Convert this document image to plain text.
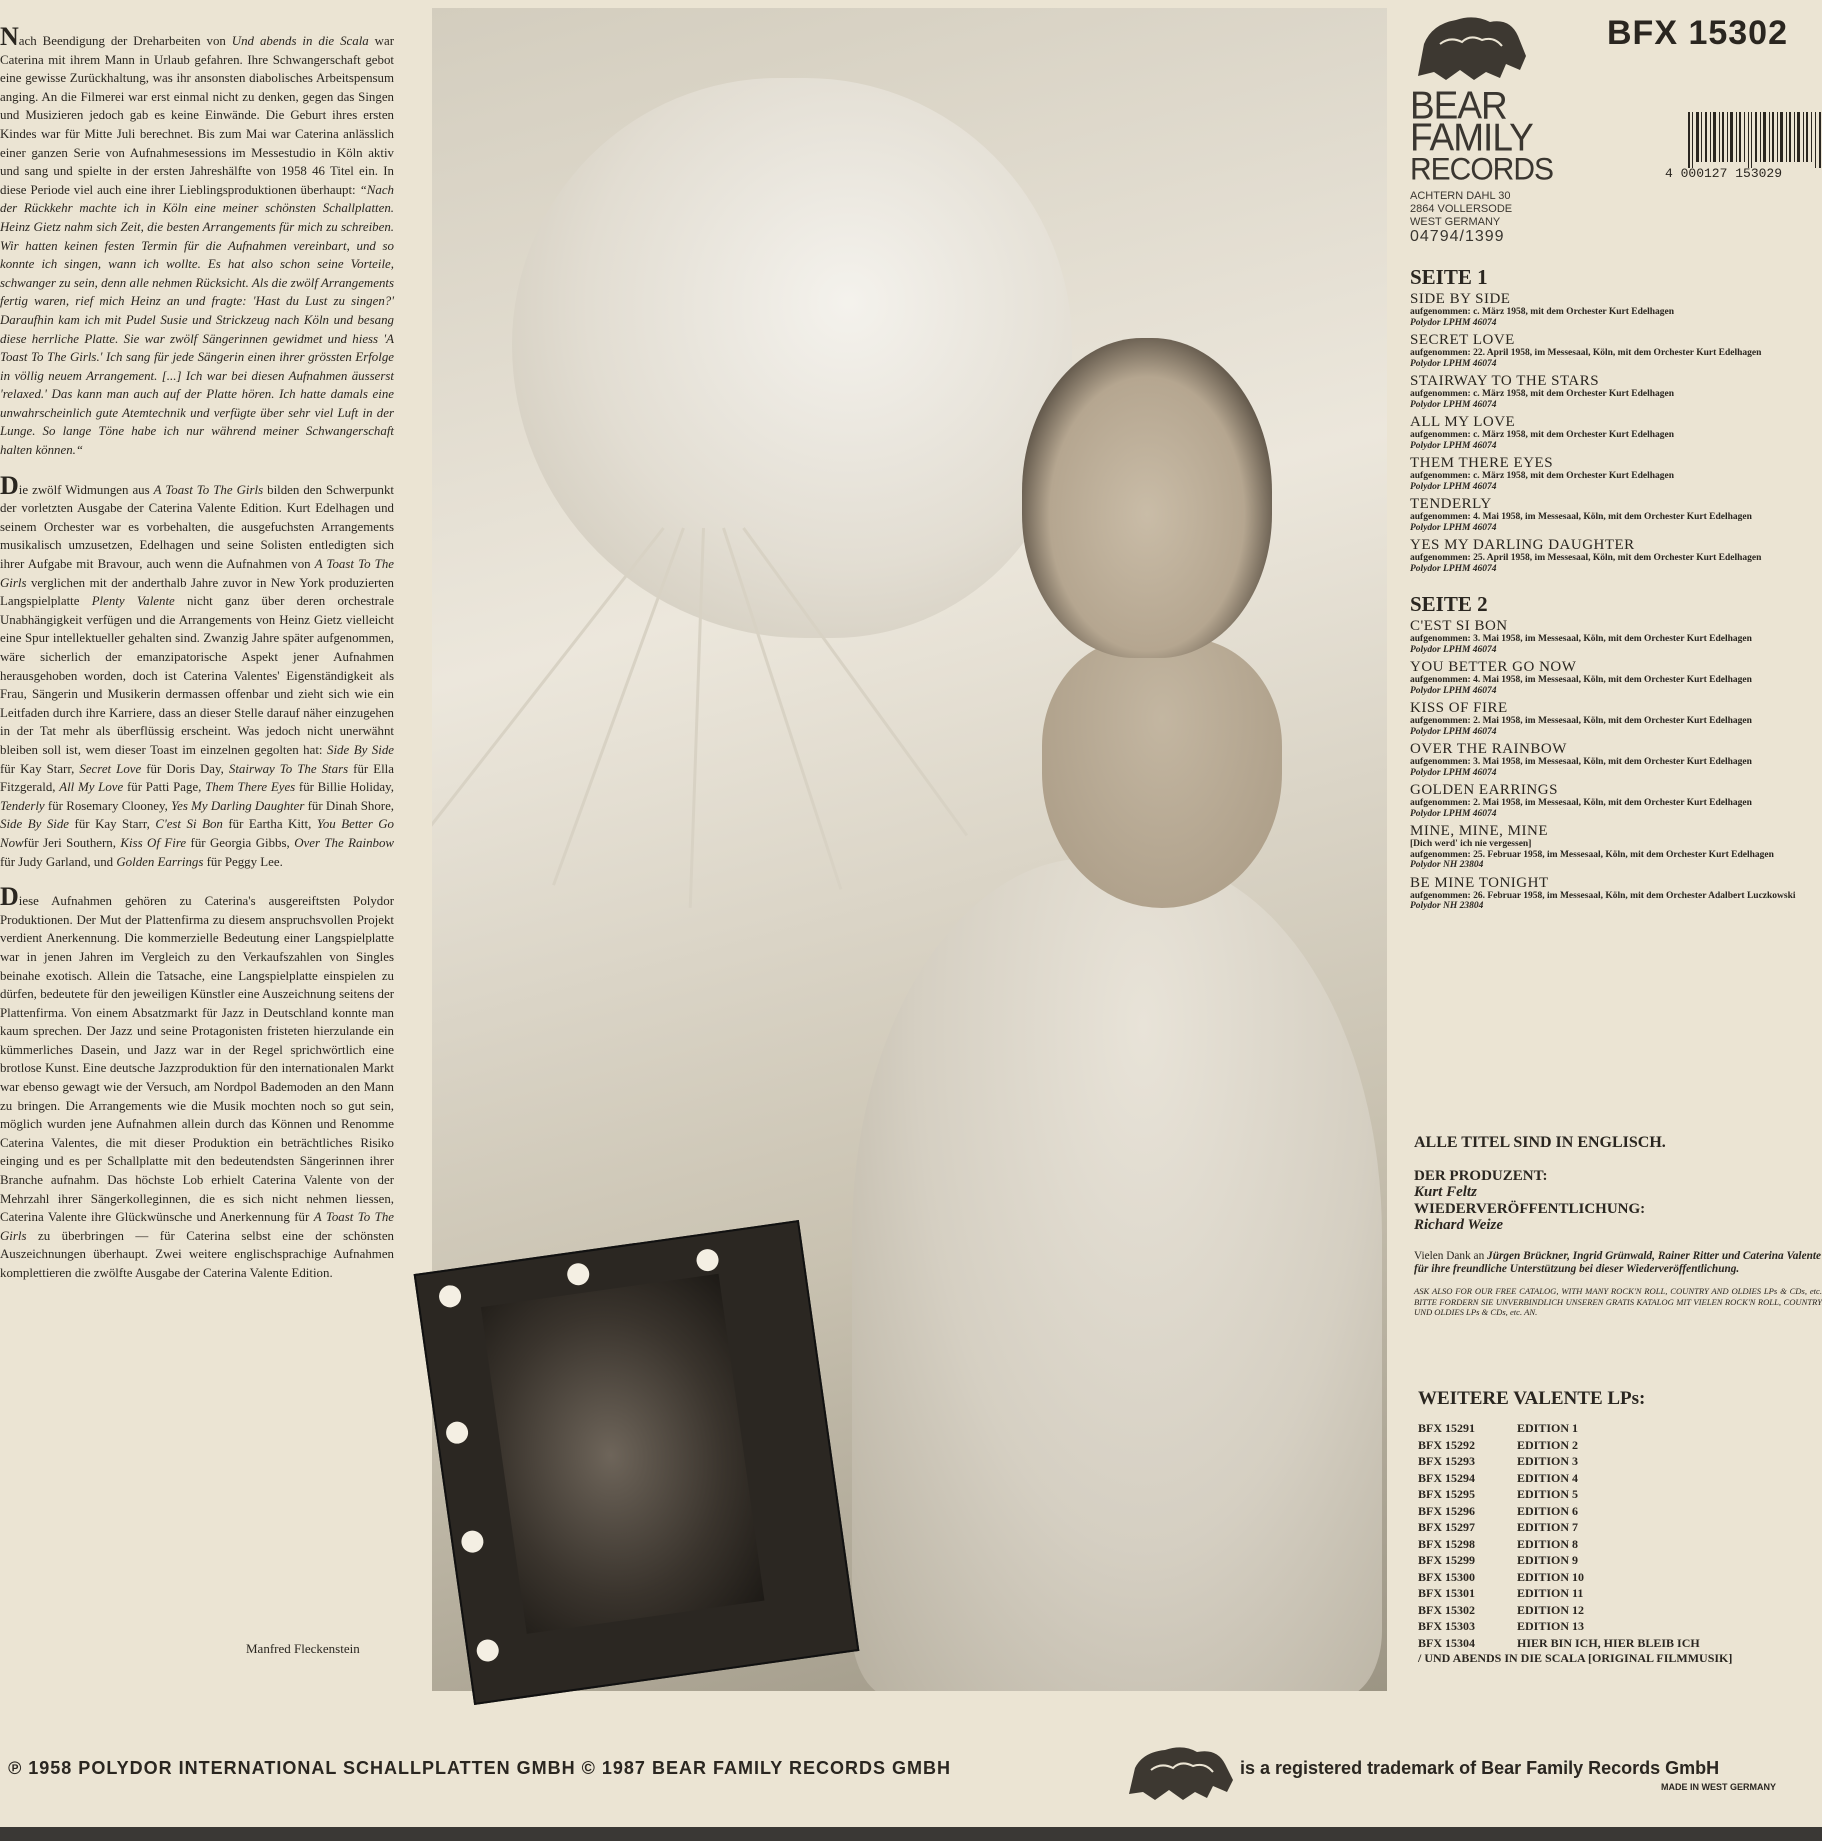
Nach Beendigung der Dreharbeiten von Und abends in die Scala war Caterina mit ihrem Mann in Urlaub gefahren. Ihre Schwangerschaft gebot eine gewisse Zurückhaltung, was ihr ansonsten diabolisches Arbeitspensum anging. An die Filmerei war erst einmal nicht zu denken, gegen das Singen und Musizieren jedoch gab es keine Einwände. Die Geburt ihres ersten Kindes war für Mitte Juli berechnet. Bis zum Mai war Caterina anlässlich einer ganzen Serie von Aufnahmesessions im Messestudio in Köln aktiv und sang und spielte in der ersten Jahreshälfte von 1958 46 Titel ein. In diese Periode viel auch eine ihrer Lieblingsproduktionen überhaupt: “Nach der Rückkehr machte ich in Köln eine meiner schönsten Schallplatten. Heinz Gietz nahm sich Zeit, die besten Arrangements für mich zu schreiben. Wir hatten keinen festen Termin für die Aufnahmen vereinbart, und so konnte ich singen, wann ich wollte. Es hat also schon seine Vorteile, schwanger zu sein, denn alle nehmen Rücksicht. Als die zwölf Arrangements fertig waren, rief mich Heinz an und fragte: 'Hast du Lust zu singen?' Daraufhin kam ich mit Pudel Susie und Strickzeug nach Köln und besang diese herrliche Platte. Sie war zwölf Sängerinnen gewidmet und hiess 'A Toast To The Girls.' Ich sang für jede Sängerin einen ihrer grössten Erfolge in völlig neuem Arrangement. [...] Ich war bei diesen Aufnahmen äusserst 'relaxed.' Das kann man auch auf der Platte hören. Ich hatte damals eine unwahrscheinlich gute Atemtechnik und verfügte über sehr viel Luft in der Lunge. So lange Töne habe ich nur während meiner Schwangerschaft halten können.“

Die zwölf Widmungen aus A Toast To The Girls bilden den Schwerpunkt der vorletzten Ausgabe der Caterina Valente Edition. Kurt Edelhagen und seinem Orchester war es vorbehalten, die ausgefuchsten Arrangements musikalisch umzusetzen, Edelhagen und seine Solisten entledigten sich ihrer Aufgabe mit Bravour, auch wenn die Aufnahmen von A Toast To The Girls verglichen mit der anderthalb Jahre zuvor in New York produzierten Langspielplatte Plenty Valente nicht ganz über deren orchestrale Unabhängigkeit verfügen und die Arrangements von Heinz Gietz vielleicht eine Spur intellektueller gehalten sind. Zwanzig Jahre später aufgenommen, wäre sicherlich der emanzipatorische Aspekt jener Aufnahmen herausgehoben worden, doch ist Caterina Valentes' Eigenständigkeit als Frau, Sängerin und Musikerin dermassen offenbar und zieht sich wie ein Leitfaden durch ihre Karriere, dass an dieser Stelle darauf näher einzugehen in der Tat mehr als überflüssig erscheint. Was jedoch nicht unerwähnt bleiben soll ist, wem dieser Toast im einzelnen gegolten hat: Side By Side für Kay Starr, Secret Love für Doris Day, Stairway To The Stars für Ella Fitzgerald, All My Love für Patti Page, Them There Eyes für Billie Holiday, Tenderly für Rosemary Clooney, Yes My Darling Daughter für Dinah Shore, Side By Side für Kay Starr, C'est Si Bon für Eartha Kitt, You Better Go Nowfür Jeri Southern, Kiss Of Fire für Georgia Gibbs, Over The Rainbow für Judy Garland, und Golden Earrings für Peggy Lee.

Diese Aufnahmen gehören zu Caterina's ausgereiftsten Polydor Produktionen. Der Mut der Plattenfirma zu diesem anspruchsvollen Projekt verdient Anerkennung. Die kommerzielle Bedeutung einer Langspielplatte war in jenen Jahren im Vergleich zu den Verkaufszahlen von Singles beinahe exotisch. Allein die Tatsache, eine Langspielplatte einspielen zu dürfen, bedeutete für den jeweiligen Künstler eine Auszeichnung seitens der Plattenfirma. Von einem Absatzmarkt für Jazz in Deutschland konnte man kaum sprechen. Der Jazz und seine Protagonisten fristeten hierzulande ein kümmerliches Dasein, und Jazz war in der Regel sprichwörtlich eine brotlose Kunst. Eine deutsche Jazzproduktion für den internationalen Markt war ebenso gewagt wie der Versuch, am Nordpol Bademoden an den Mann zu bringen. Die Arrangements wie die Musik mochten noch so gut sein, möglich wurden jene Aufnahmen allein durch das Können und Renomme Caterina Valentes, die mit dieser Produktion ein beträchtliches Risiko einging und es per Schallplatte mit den bedeutendsten Sängerinnen ihrer Branche aufnahm. Das höchste Lob erhielt Caterina Valente von der Mehrzahl ihrer Sängerkolleginnen, die es sich nicht nehmen liessen, Caterina Valente ihre Glückwünsche und Anerkennung für A Toast To The Girls zu überbringen — für Caterina selbst eine der schönsten Auszeichnungen überhaupt. Zwei weitere englischsprachige Aufnahmen komplettieren die zwölfte Ausgabe der Caterina Valente Edition.

Manfred Fleckenstein
BEAR
FAMILY
RECORDS
ACHTERN DAHL 30
2864 VOLLERSODE
WEST GERMANY
04794/1399
BFX 15302
4 000127 153029
SEITE 1
SIDE BY SIDE
aufgenommen: c. März 1958, mit dem Orchester Kurt Edelhagen
Polydor LPHM 46074
SECRET LOVE
aufgenommen: 22. April 1958, im Messesaal, Köln, mit dem Orchester Kurt Edelhagen
Polydor LPHM 46074
STAIRWAY TO THE STARS
aufgenommen: c. März 1958, mit dem Orchester Kurt Edelhagen
Polydor LPHM 46074
ALL MY LOVE
aufgenommen: c. März 1958, mit dem Orchester Kurt Edelhagen
Polydor LPHM 46074
THEM THERE EYES
aufgenommen: c. März 1958, mit dem Orchester Kurt Edelhagen
Polydor LPHM 46074
TENDERLY
aufgenommen: 4. Mai 1958, im Messesaal, Köln, mit dem Orchester Kurt Edelhagen
Polydor LPHM 46074
YES MY DARLING DAUGHTER
aufgenommen: 25. April 1958, im Messesaal, Köln, mit dem Orchester Kurt Edelhagen
Polydor LPHM 46074
SEITE 2
C'EST SI BON
aufgenommen: 3. Mai 1958, im Messesaal, Köln, mit dem Orchester Kurt Edelhagen
Polydor LPHM 46074
YOU BETTER GO NOW
aufgenommen: 4. Mai 1958, im Messesaal, Köln, mit dem Orchester Kurt Edelhagen
Polydor LPHM 46074
KISS OF FIRE
aufgenommen: 2. Mai 1958, im Messesaal, Köln, mit dem Orchester Kurt Edelhagen
Polydor LPHM 46074
OVER THE RAINBOW
aufgenommen: 3. Mai 1958, im Messesaal, Köln, mit dem Orchester Kurt Edelhagen
Polydor LPHM 46074
GOLDEN EARRINGS
aufgenommen: 2. Mai 1958, im Messesaal, Köln, mit dem Orchester Kurt Edelhagen
Polydor LPHM 46074
MINE, MINE, MINE
[Dich werd' ich nie vergessen]
aufgenommen: 25. Februar 1958, im Messesaal, Köln, mit dem Orchester Kurt Edelhagen
Polydor NH 23804
BE MINE TONIGHT
aufgenommen: 26. Februar 1958, im Messesaal, Köln, mit dem Orchester Adalbert Luczkowski
Polydor NH 23804
ALLE TITEL SIND IN ENGLISCH.
DER PRODUZENT:
Kurt Feltz
WIEDERVERÖFFENTLICHUNG:
Richard Weize
Vielen Dank an Jürgen Brückner, Ingrid Grünwald, Rainer Ritter und Caterina Valente für ihre freundliche Unterstützung bei dieser Wiederveröffentlichung.
ASK ALSO FOR OUR FREE CATALOG, WITH MANY ROCK'N ROLL, COUNTRY AND OLDIES LPs & CDs, etc. BITTE FORDERN SIE UNVERBINDLICH UNSEREN GRATIS KATALOG MIT VIELEN ROCK'N ROLL, COUNTRY UND OLDIES LPs & CDs, etc. AN.
WEITERE VALENTE LPs:
BFX 15291	EDITION 1
BFX 15292	EDITION 2
BFX 15293	EDITION 3
BFX 15294	EDITION 4
BFX 15295	EDITION 5
BFX 15296	EDITION 6
BFX 15297	EDITION 7
BFX 15298	EDITION 8
BFX 15299	EDITION 9
BFX 15300	EDITION 10
BFX 15301	EDITION 11
BFX 15302	EDITION 12
BFX 15303	EDITION 13
BFX 15304	HIER BIN ICH, HIER BLEIB ICH
/ UND ABENDS IN DIE SCALA [ORIGINAL FILMMUSIK]
℗ 1958 POLYDOR INTERNATIONAL SCHALLPLATTEN GMBH © 1987 BEAR FAMILY RECORDS GMBH	is a registered trademark of Bear Family Records GmbH
MADE IN WEST GERMANY
